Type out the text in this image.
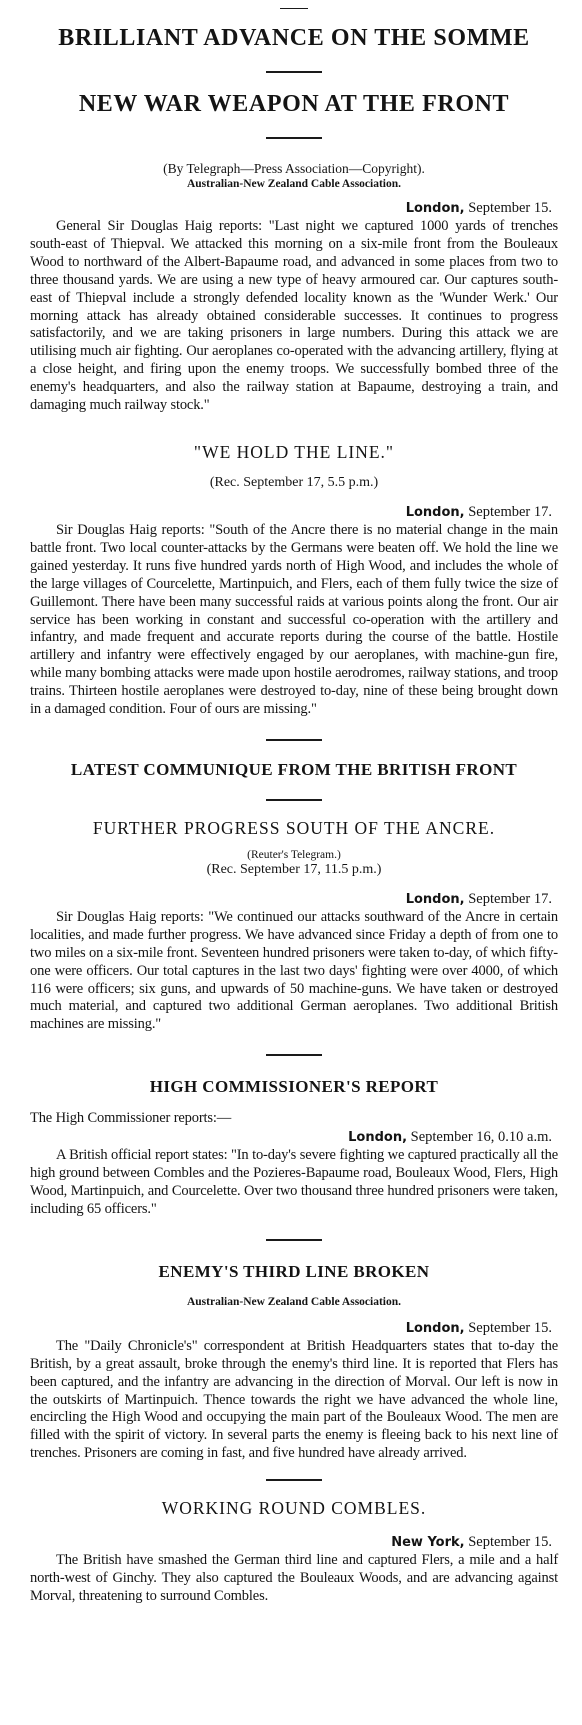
BRILLIANT ADVANCE ON THE SOMME
NEW WAR WEAPON AT THE FRONT

(By Telegraph—Press Association—Copyright).

Australian-New Zealand Cable Association.

London, September 15.

General Sir Douglas Haig reports: "Last night we captured 1000 yards of trenches south-east of Thiepval. We attacked this morning on a six-mile front from the Bouleaux Wood to northward of the Albert-Bapaume road, and advanced in some places from two to three thousand yards. We are using a new type of heavy armoured car. Our captures south-east of Thiepval include a strongly defended locality known as the 'Wunder Werk.' Our morning attack has already obtained considerable successes. It continues to progress satisfactorily, and we are taking prisoners in large numbers. During this attack we are utilising much air fighting. Our aeroplanes co-operated with the advancing artillery, flying at a close height, and firing upon the enemy troops. We successfully bombed three of the enemy's headquarters, and also the railway station at Bapaume, destroying a train, and damaging much railway stock."

"WE HOLD THE LINE."

(Rec. September 17, 5.5 p.m.)

London, September 17.

Sir Douglas Haig reports: "South of the Ancre there is no material change in the main battle front. Two local counter-attacks by the Germans were beaten off. We hold the line we gained yesterday. It runs five hundred yards north of High Wood, and includes the whole of the large villages of Courcelette, Martinpuich, and Flers, each of them fully twice the size of Guillemont. There have been many successful raids at various points along the front. Our air service has been working in constant and successful co-operation with the artillery and infantry, and made frequent and accurate reports during the course of the battle. Hostile artillery and infantry were effectively engaged by our aeroplanes, with machine-gun fire, while many bombing attacks were made upon hostile aerodromes, railway stations, and troop trains. Thirteen hostile aeroplanes were destroyed to-day, nine of these being brought down in a damaged condition. Four of ours are missing."

LATEST COMMUNIQUE FROM THE BRITISH FRONT

FURTHER PROGRESS SOUTH OF THE ANCRE.

(Reuter's Telegram.)

(Rec. September 17, 11.5 p.m.)

London, September 17.

Sir Douglas Haig reports: "We continued our attacks southward of the Ancre in certain localities, and made further progress. We have advanced since Friday a depth of from one to two miles on a six-mile front. Seventeen hundred prisoners were taken to-day, of which fifty-one were officers. Our total captures in the last two days' fighting were over 4000, of which 116 were officers; six guns, and upwards of 50 machine-guns. We have taken or destroyed much material, and captured two additional German aeroplanes. Two additional British machines are missing."

HIGH COMMISSIONER'S REPORT

The High Commissioner reports:—

London, September 16, 0.10 a.m.

A British official report states: "In to-day's severe fighting we captured practically all the high ground between Combles and the Pozieres-Bapaume road, Bouleaux Wood, Flers, High Wood, Martinpuich, and Courcelette. Over two thousand three hundred prisoners were taken, including 65 officers."

ENEMY'S THIRD LINE BROKEN

Australian-New Zealand Cable Association.

London, September 15.

The "Daily Chronicle's" correspondent at British Headquarters states that to-day the British, by a great assault, broke through the enemy's third line. It is reported that Flers has been captured, and the infantry are advancing in the direction of Morval. Our left is now in the outskirts of Martinpuich. Thence towards the right we have advanced the whole line, encircling the High Wood and occupying the main part of the Bouleaux Wood. The men are filled with the spirit of victory. In several parts the enemy is fleeing back to his next line of trenches. Prisoners are coming in fast, and five hundred have already arrived.

WORKING ROUND COMBLES.

New York, September 15.

The British have smashed the German third line and captured Flers, a mile and a half north-west of Ginchy. They also captured the Bouleaux Woods, and are advancing against Morval, threatening to surround Combles.
